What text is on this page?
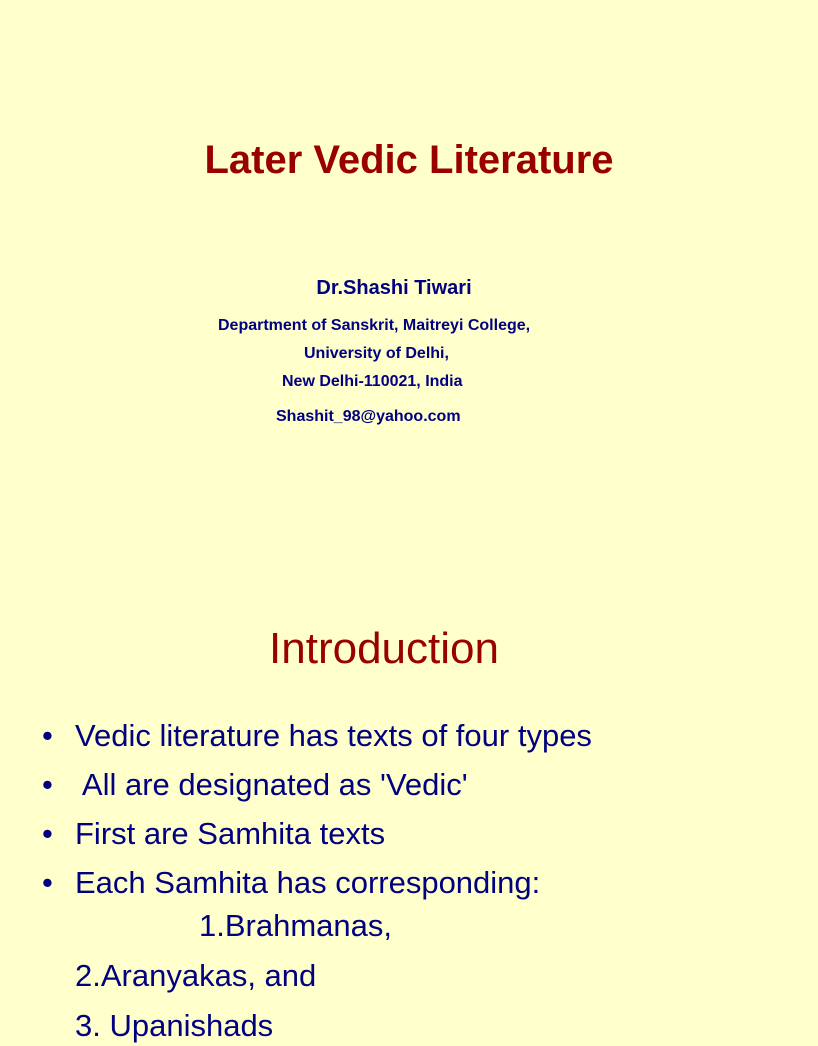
Later Vedic Literature
Dr.Shashi Tiwari
Department of Sanskrit, Maitreyi College,
University of Delhi,
New Delhi-110021, India
Shashit_98@yahoo.com
Introduction
• Vedic literature has texts of four types
• All are designated as 'Vedic'
• First are Samhita texts
• Each Samhita has corresponding:
1.Brahmanas,
2.Aranyakas, and
3. Upanishads
